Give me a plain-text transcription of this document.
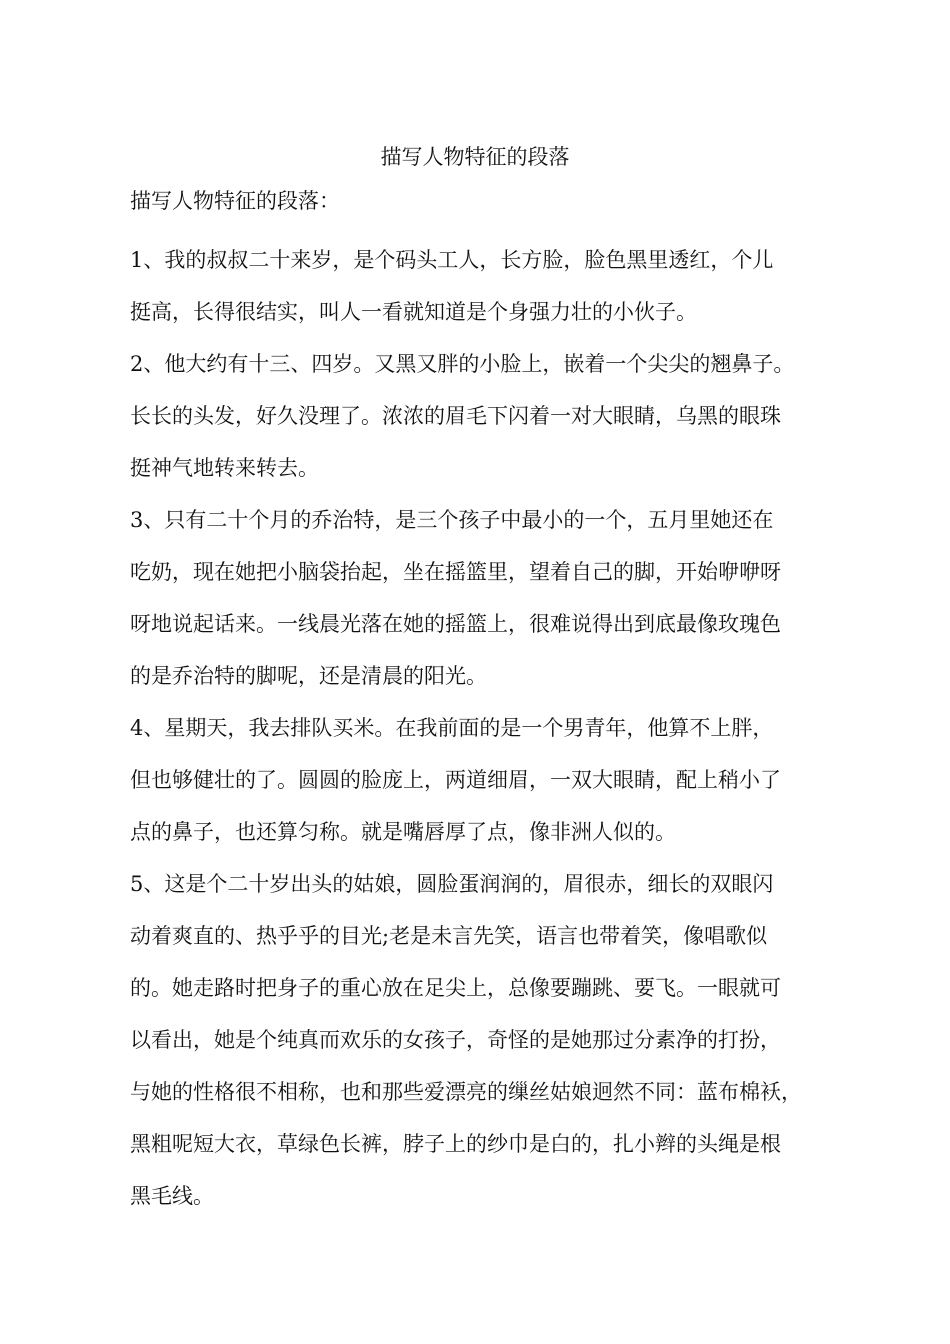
描写人物特征的段落
描写人物特征的段落：
1、我的叔叔二十来岁，是个码头工人，长方脸，脸色黑里透红，个儿
挺高，长得很结实，叫人一看就知道是个身强力壮的小伙子。
2、他大约有十三、四岁。又黑又胖的小脸上，嵌着一个尖尖的翘鼻子。
长长的头发，好久没理了。浓浓的眉毛下闪着一对大眼睛，乌黑的眼珠
挺神气地转来转去。
3、只有二十个月的乔治特，是三个孩子中最小的一个，五月里她还在
吃奶，现在她把小脑袋抬起，坐在摇篮里，望着自己的脚，开始咿咿呀
呀地说起话来。一线晨光落在她的摇篮上，很难说得出到底最像玫瑰色
的是乔治特的脚呢，还是清晨的阳光。
4、星期天，我去排队买米。在我前面的是一个男青年，他算不上胖，
但也够健壮的了。圆圆的脸庞上，两道细眉，一双大眼睛，配上稍小了
点的鼻子，也还算匀称。就是嘴唇厚了点，像非洲人似的。
5、这是个二十岁出头的姑娘，圆脸蛋润润的，眉很赤，细长的双眼闪
动着爽直的、热乎乎的目光;老是未言先笑，语言也带着笑，像唱歌似
的。她走路时把身子的重心放在足尖上，总像要蹦跳、要飞。一眼就可
以看出，她是个纯真而欢乐的女孩子，奇怪的是她那过分素净的打扮，
与她的性格很不相称，也和那些爱漂亮的缫丝姑娘迥然不同：蓝布棉袄，
黑粗呢短大衣，草绿色长裤，脖子上的纱巾是白的，扎小辫的头绳是根
黑毛线。
